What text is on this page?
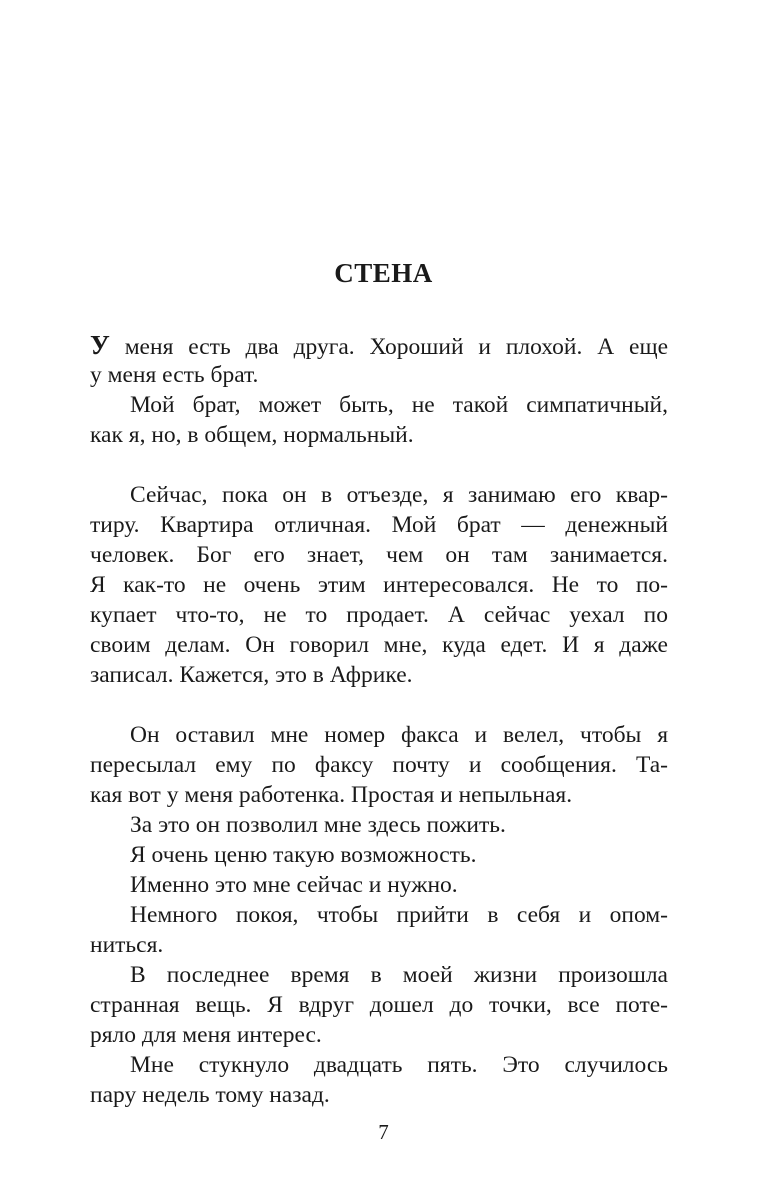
СТЕНА

У меня есть два друга. Хороший и плохой. А еще

у меня есть брат.

Мой брат, может быть, не такой симпатичный,

как я, но, в общем, нормальный.

Сейчас, пока он в отъезде, я занимаю его квар-

тиру. Квартира отличная. Мой брат — денежный

человек. Бог его знает, чем он там занимается.

Я как-то не очень этим интересовался. Не то по-

купает что-то, не то продает. А сейчас уехал по

своим делам. Он говорил мне, куда едет. И я даже

записал. Кажется, это в Африке.

Он оставил мне номер факса и велел, чтобы я

пересылал ему по факсу почту и сообщения. Та-

кая вот у меня работенка. Простая и непыльная.

За это он позволил мне здесь пожить.

Я очень ценю такую возможность.

Именно это мне сейчас и нужно.

Немного покоя, чтобы прийти в себя и опом-

ниться.

В последнее время в моей жизни произошла

странная вещь. Я вдруг дошел до точки, все поте-

ряло для меня интерес.

Мне стукнуло двадцать пять. Это случилось

пару недель тому назад.

7
